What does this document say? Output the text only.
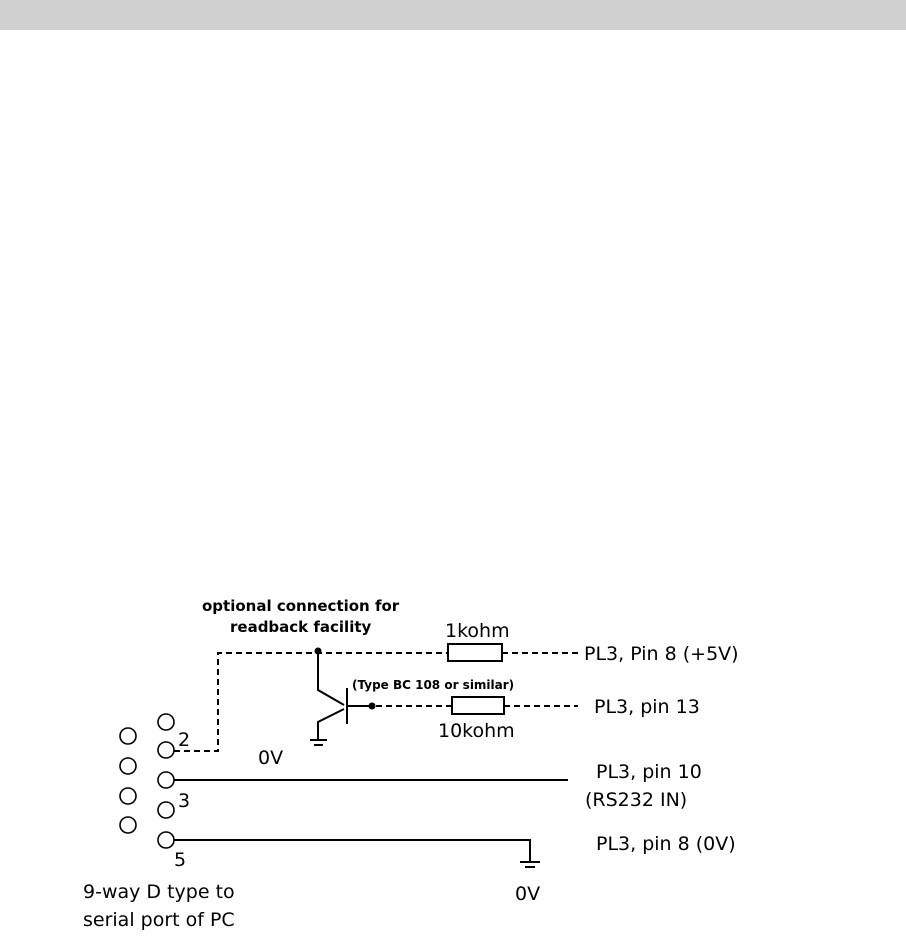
optional connection for
readback facility	1kohm
(Type BC 108 or similar)
10kohm
PL3, Pin 8 (+5V)
PL3, pin 13
PL3, pin 10
(RS232 IN)
PL3, pin 8 (0V)
0V
0V
2
3
5
9-way D type to
serial port of PC
